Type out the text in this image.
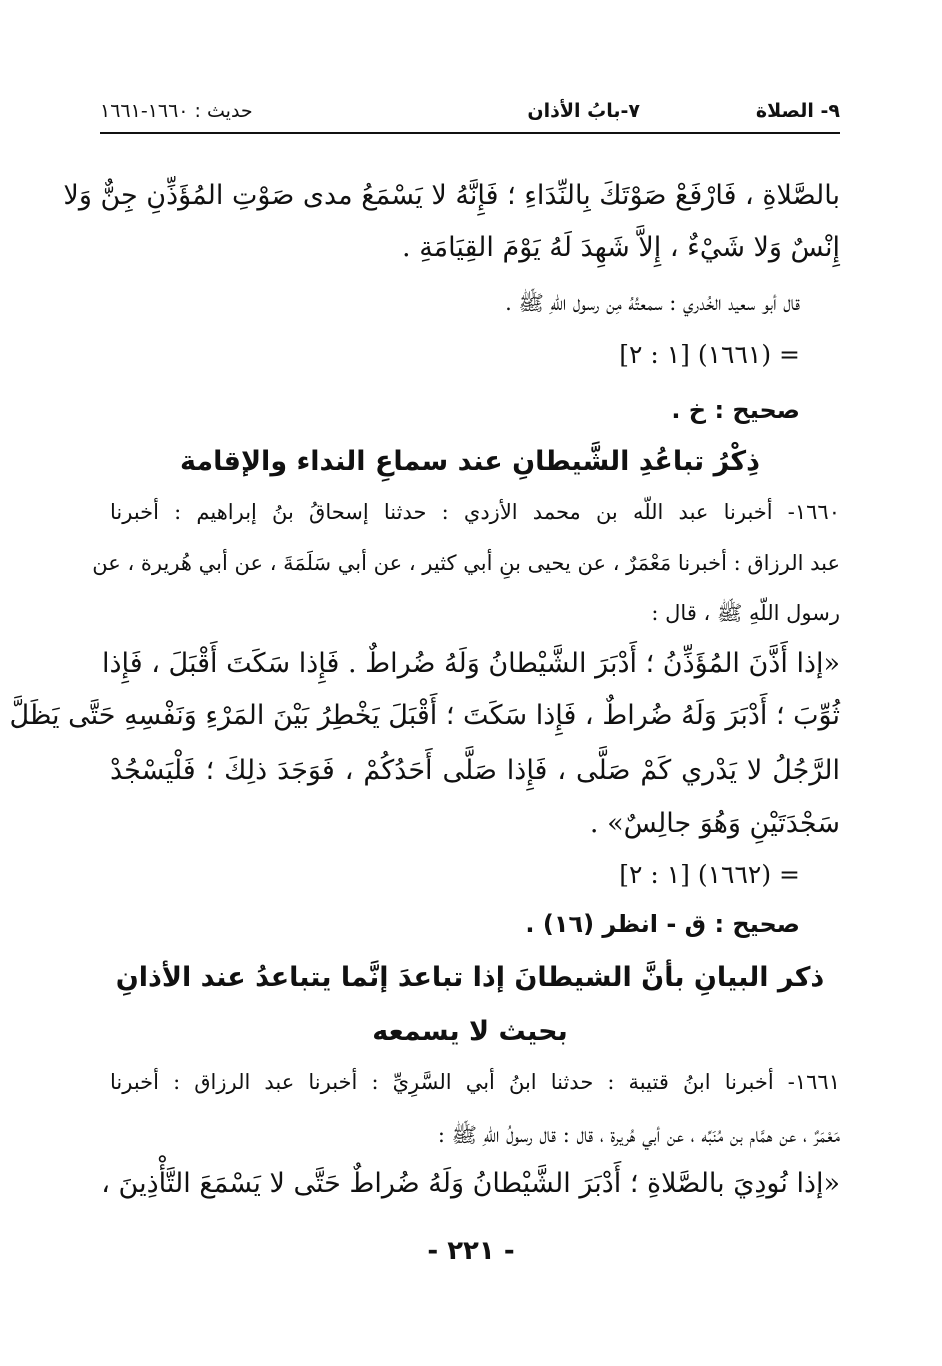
٩- الصلاة
٧-بابُ الأذان
حديث : ١٦٦٠-١٦٦١
بالصَّلاةِ ، فَارْفَعْ صَوْتَكَ بِالنِّدَاءِ ؛ فَإِنَّهُ لا يَسْمَعُ مدى صَوْتِ المُؤَذِّنِ جِنٌّ وَلا
إِنْسٌ وَلا شَيْءٌ ، إِلاَّ شَهِدَ لَهُ يَوْمَ القِيَامَةِ .
قال أبو سعيد الخُدري : سمعتُهُ مِن رسول اللّهِ ﷺ .
= (١٦٦١) [١ : ٢]
صحيح : خ .
ذِكْرُ تباعُدِ الشَّيطانِ عند سماعِ النداء والإقامة
١٦٦٠- أخبرنا عبد اللّه بن محمد الأزدي : حدثنا إسحاقُ بنُ إبراهيم : أخبرنا
عبد الرزاق : أخبرنا مَعْمَرٌ ، عن يحيى بنِ أبي كثير ، عن أبي سَلَمَةَ ، عن أبي هُريرة ، عن
رسول اللّهِ ﷺ ، قال :
«إذا أَذَّنَ المُؤَذِّنُ ؛ أَدْبَرَ الشَّيْطانُ وَلَهُ ضُراطٌ . فَإِذا سَكَتَ أَقْبَلَ ، فَإِذا
ثُوِّبَ ؛ أَدْبَرَ وَلَهُ ضُراطٌ ، فَإِذا سَكَتَ ؛ أَقْبَلَ يَخْطِرُ بَيْنَ المَرْءِ وَنَفْسِهِ حَتَّى يَظَلَّ
الرَّجُلُ لا يَدْري كَمْ صَلَّى ، فَإِذا صَلَّى أَحَدُكُمْ ، فَوَجَدَ ذلِكَ ؛ فَلْيَسْجُدْ
سَجْدَتَيْنِ وَهُوَ جالِسٌ» .
= (١٦٦٢) [١ : ٢]
صحيح : ق - انظر (١٦) .
ذكر البيانِ بأنَّ الشيطانَ إذا تباعدَ إنَّما يتباعدُ عند الأذانِ
بحيث لا يسمعه
١٦٦١- أخبرنا ابنُ قتيبة : حدثنا ابنُ أبي السَّرِيِّ : أخبرنا عبد الرزاق : أخبرنا
مَعْمَرٌ ، عن همَّام بن مُنَبِّه ، عن أبي هُريرة ، قال : قال رسولُ اللّهِ ﷺ :
«إذا نُودِيَ بالصَّلاةِ ؛ أَدْبَرَ الشَّيْطانُ وَلَهُ ضُراطٌ حَتَّى لا يَسْمَعَ التَّأْذِينَ ،
- ٢٢١ -
